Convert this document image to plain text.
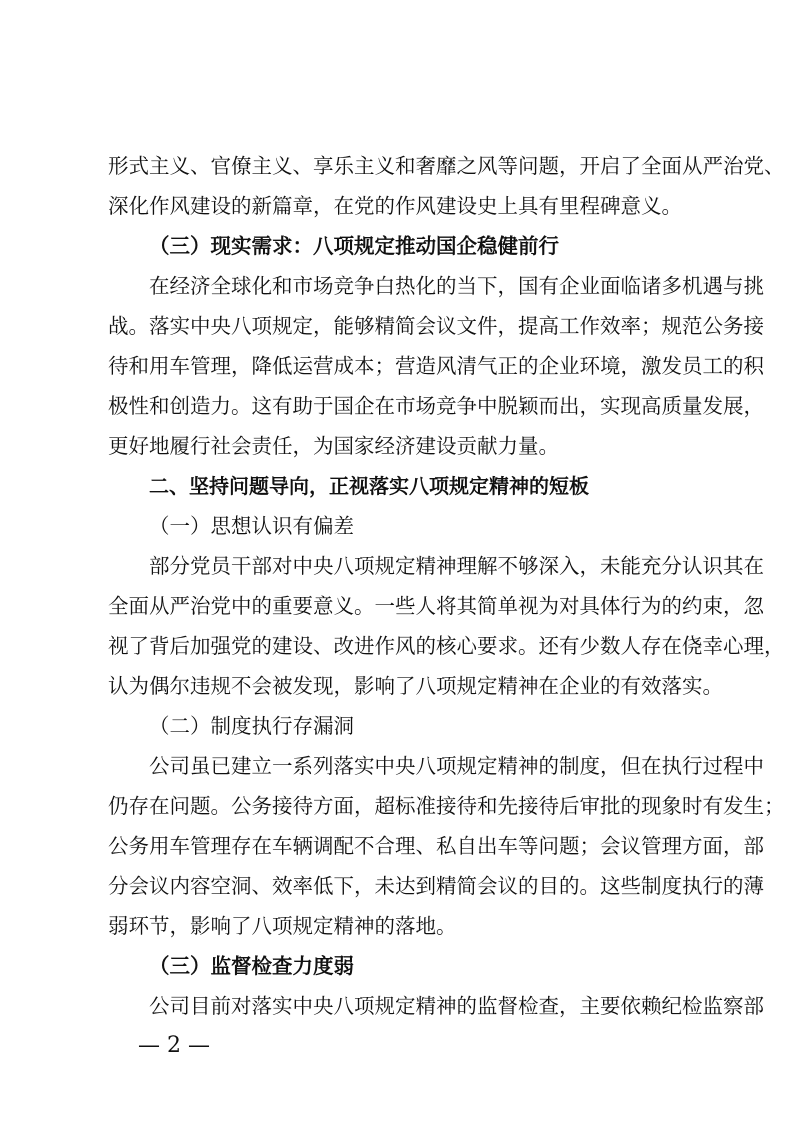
形式主义、官僚主义、享乐主义和奢靡之风等问题，开启了全面从严治党、
深化作风建设的新篇章，在党的作风建设史上具有里程碑意义。
（三）现实需求：八项规定推动国企稳健前行
在经济全球化和市场竞争白热化的当下，国有企业面临诸多机遇与挑
战。落实中央八项规定，能够精简会议文件，提高工作效率；规范公务接
待和用车管理，降低运营成本；营造风清气正的企业环境，激发员工的积
极性和创造力。这有助于国企在市场竞争中脱颖而出，实现高质量发展，
更好地履行社会责任，为国家经济建设贡献力量。
二、坚持问题导向，正视落实八项规定精神的短板
（一）思想认识有偏差
部分党员干部对中央八项规定精神理解不够深入，未能充分认识其在
全面从严治党中的重要意义。一些人将其简单视为对具体行为的约束，忽
视了背后加强党的建设、改进作风的核心要求。还有少数人存在侥幸心理，
认为偶尔违规不会被发现，影响了八项规定精神在企业的有效落实。
（二）制度执行存漏洞
公司虽已建立一系列落实中央八项规定精神的制度，但在执行过程中
仍存在问题。公务接待方面，超标准接待和先接待后审批的现象时有发生；
公务用车管理存在车辆调配不合理、私自出车等问题；会议管理方面，部
分会议内容空洞、效率低下，未达到精简会议的目的。这些制度执行的薄
弱环节，影响了八项规定精神的落地。
（三）监督检查力度弱
公司目前对落实中央八项规定精神的监督检查，主要依赖纪检监察部
— 2 —
